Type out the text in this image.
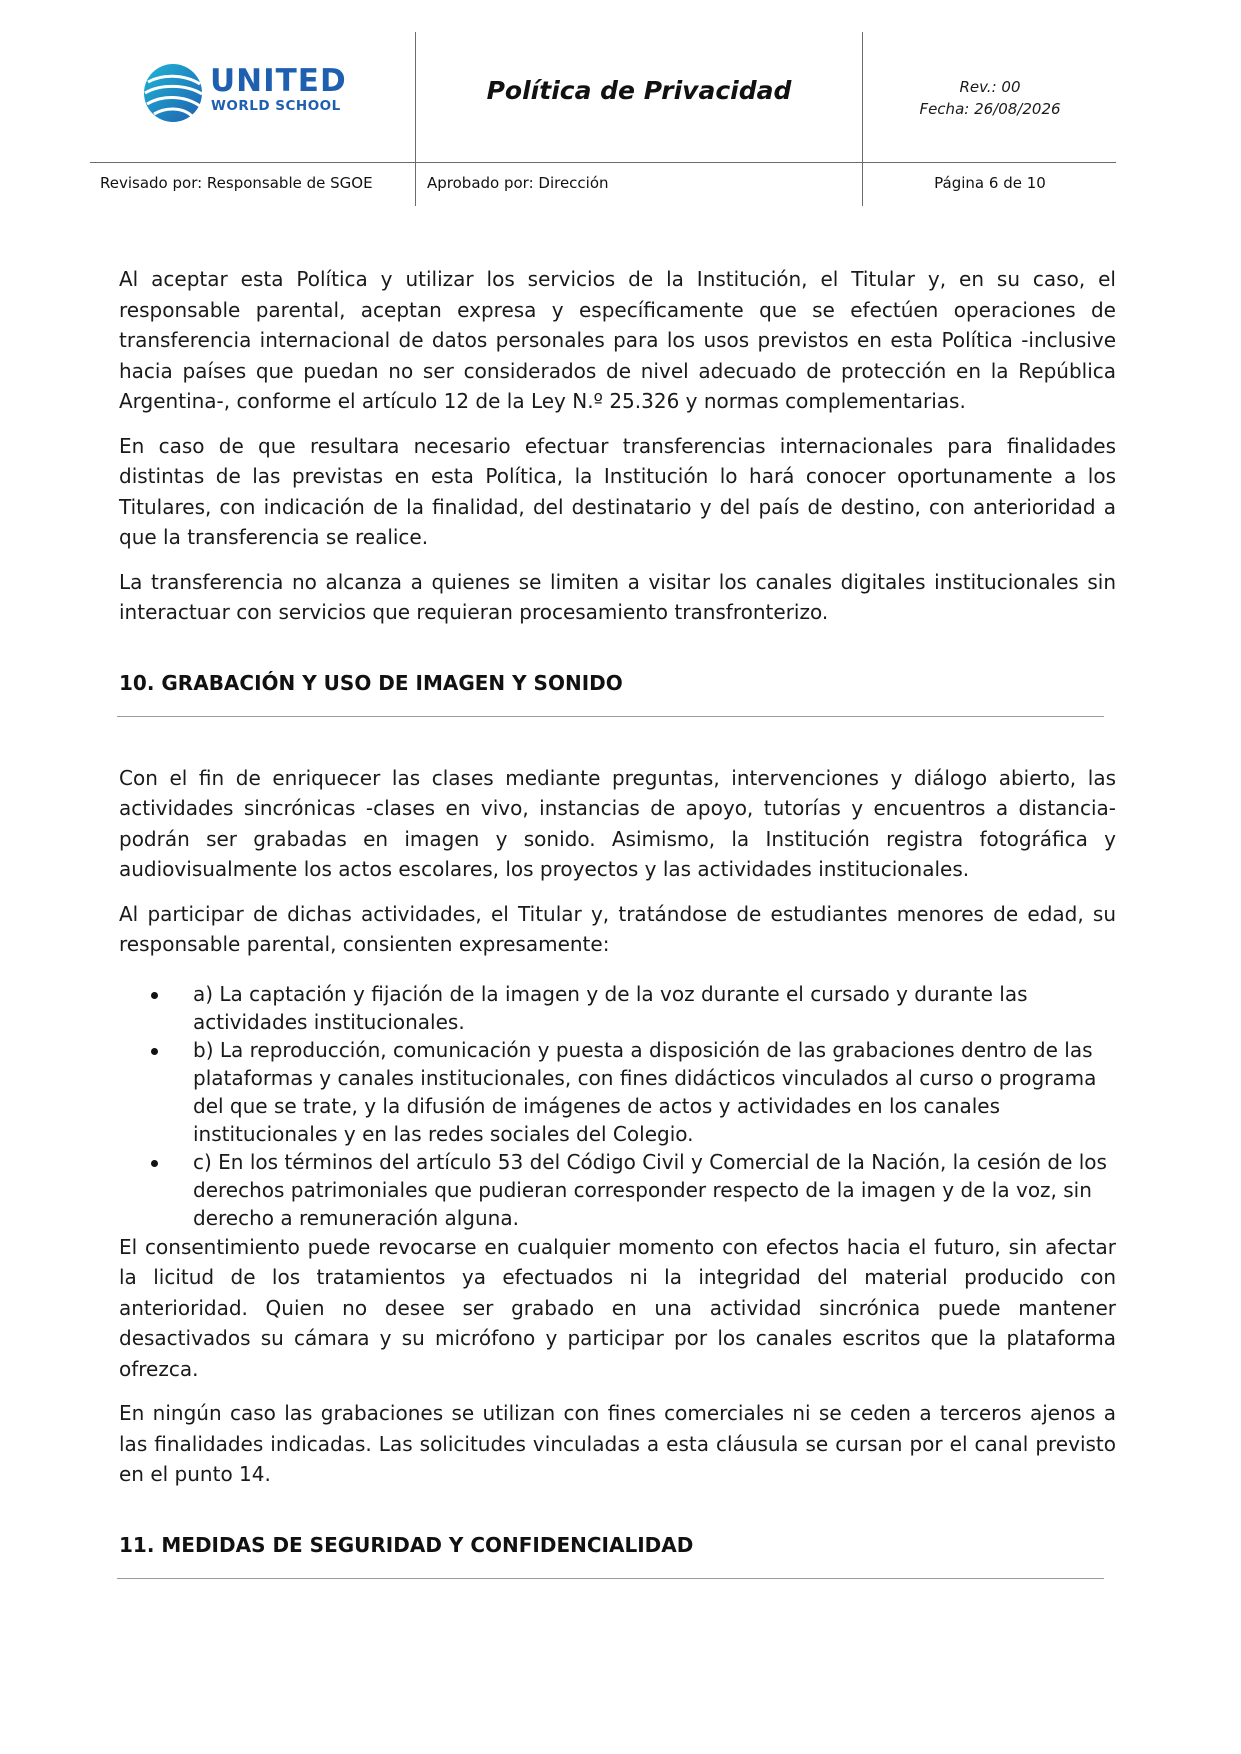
UNITED
WORLD SCHOOL
Política de Privacidad	Rev.: 00
Fecha: 26/08/2026
Revisado por: Responsable de SGOE	Aprobado por: Dirección	Página 6 de 10

Al aceptar esta Política y utilizar los servicios de la Institución, el Titular y, en su caso, el responsable parental, aceptan expresa y específicamente que se efectúen operaciones de transferencia internacional de datos personales para los usos previstos en esta Política -inclusive hacia países que puedan no ser considerados de nivel adecuado de protección en la República Argentina-, conforme el artículo 12 de la Ley N.º 25.326 y normas complementarias.

En caso de que resultara necesario efectuar transferencias internacionales para finalidades distintas de las previstas en esta Política, la Institución lo hará conocer oportunamente a los Titulares, con indicación de la finalidad, del destinatario y del país de destino, con anterioridad a que la transferencia se realice.

La transferencia no alcanza a quienes se limiten a visitar los canales digitales institucionales sin interactuar con servicios que requieran procesamiento transfronterizo.

10. GRABACIÓN Y USO DE IMAGEN Y SONIDO

Con el fin de enriquecer las clases mediante preguntas, intervenciones y diálogo abierto, las actividades sincrónicas -clases en vivo, instancias de apoyo, tutorías y encuentros a distancia- podrán ser grabadas en imagen y sonido. Asimismo, la Institución registra fotográfica y audiovisualmente los actos escolares, los proyectos y las actividades institucionales.

Al participar de dichas actividades, el Titular y, tratándose de estudiantes menores de edad, su responsable parental, consienten expresamente:

a) La captación y fijación de la imagen y de la voz durante el cursado y durante las actividades institucionales.
b) La reproducción, comunicación y puesta a disposición de las grabaciones dentro de las plataformas y canales institucionales, con fines didácticos vinculados al curso o programa del que se trate, y la difusión de imágenes de actos y actividades en los canales institucionales y en las redes sociales del Colegio.
c) En los términos del artículo 53 del Código Civil y Comercial de la Nación, la cesión de los derechos patrimoniales que pudieran corresponder respecto de la imagen y de la voz, sin derecho a remuneración alguna.

El consentimiento puede revocarse en cualquier momento con efectos hacia el futuro, sin afectar la licitud de los tratamientos ya efectuados ni la integridad del material producido con anterioridad. Quien no desee ser grabado en una actividad sincrónica puede mantener desactivados su cámara y su micrófono y participar por los canales escritos que la plataforma ofrezca.

En ningún caso las grabaciones se utilizan con fines comerciales ni se ceden a terceros ajenos a las finalidades indicadas. Las solicitudes vinculadas a esta cláusula se cursan por el canal previsto en el punto 14.

11. MEDIDAS DE SEGURIDAD Y CONFIDENCIALIDAD
